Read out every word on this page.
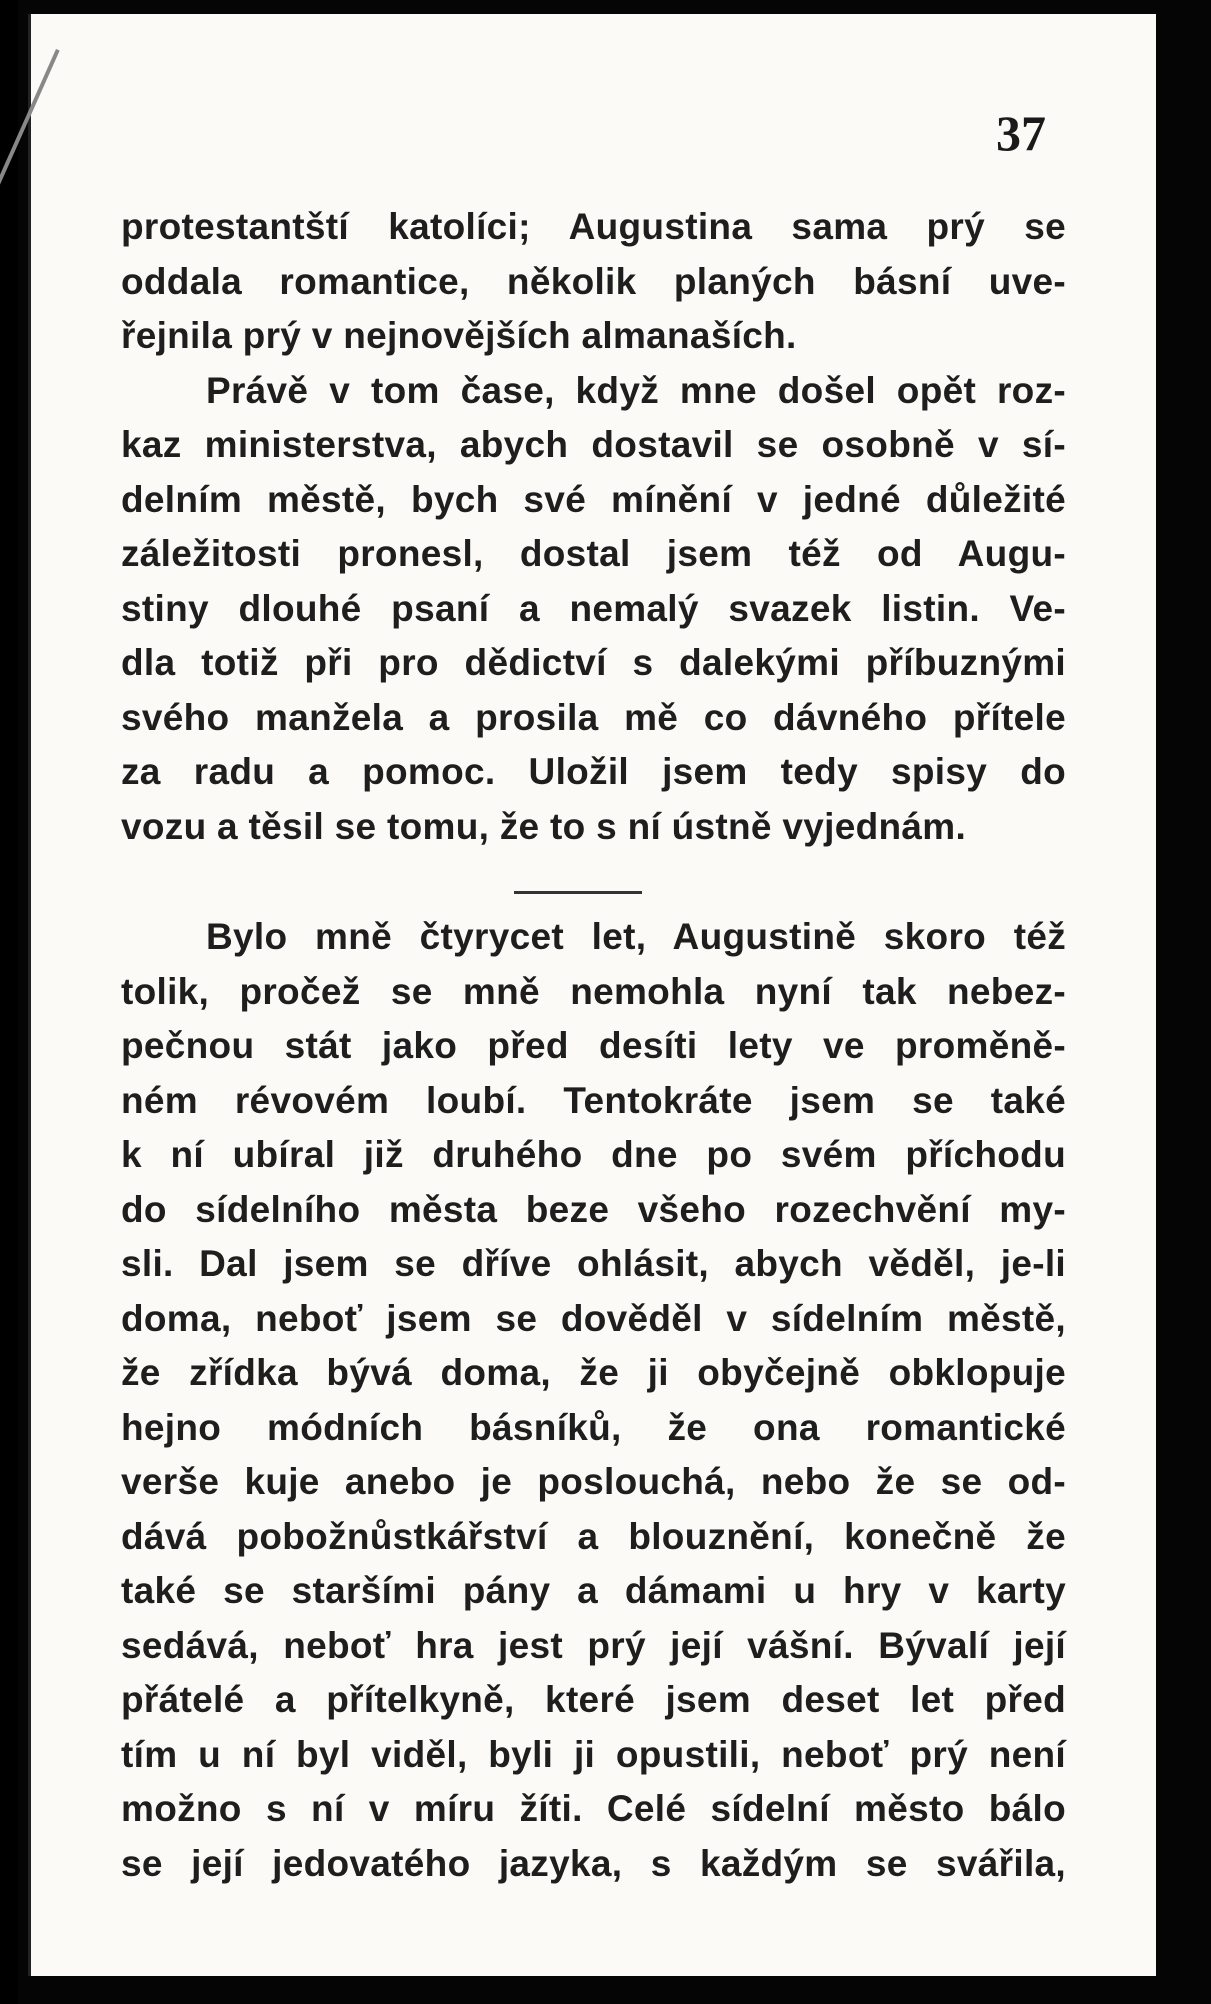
37
protestantští katolíci; Augustina sama prý se
oddala romantice, několik planých básní uve-
řejnila prý v nejnovějších almanaších.
Právě v tom čase, když mne došel opět roz-
kaz ministerstva, abych dostavil se osobně v sí-
delním městě, bych své mínění v jedné důležité
záležitosti pronesl, dostal jsem též od Augu-
stiny dlouhé psaní a nemalý svazek listin. Ve-
dla totiž při pro dědictví s dalekými příbuznými
svého manžela a prosila mě co dávného přítele
za radu a pomoc. Uložil jsem tedy spisy do
vozu a těsil se tomu, že to s ní ústně vyjednám.
Bylo mně čtyrycet let, Augustině skoro též
tolik, pročež se mně nemohla nyní tak nebez-
pečnou stát jako před desíti lety ve proměně-
ném révovém loubí. Tentokráte jsem se také
k ní ubíral již druhého dne po svém příchodu
do sídelního města beze všeho rozechvění my-
sli. Dal jsem se dříve ohlásit, abych věděl, je-li
doma, neboť jsem se dověděl v sídelním městě,
že zřídka bývá doma, že ji obyčejně obklopuje
hejno módních básníků, že ona romantické
verše kuje anebo je poslouchá, nebo že se od-
dává pobožnůstkářství a blouznění, konečně že
také se staršími pány a dámami u hry v karty
sedává, neboť hra jest prý její vášní. Bývalí její
přátelé a přítelkyně, které jsem deset let před
tím u ní byl viděl, byli ji opustili, neboť prý není
možno s ní v míru žíti. Celé sídelní město bálo
se její jedovatého jazyka, s každým se svářila,
